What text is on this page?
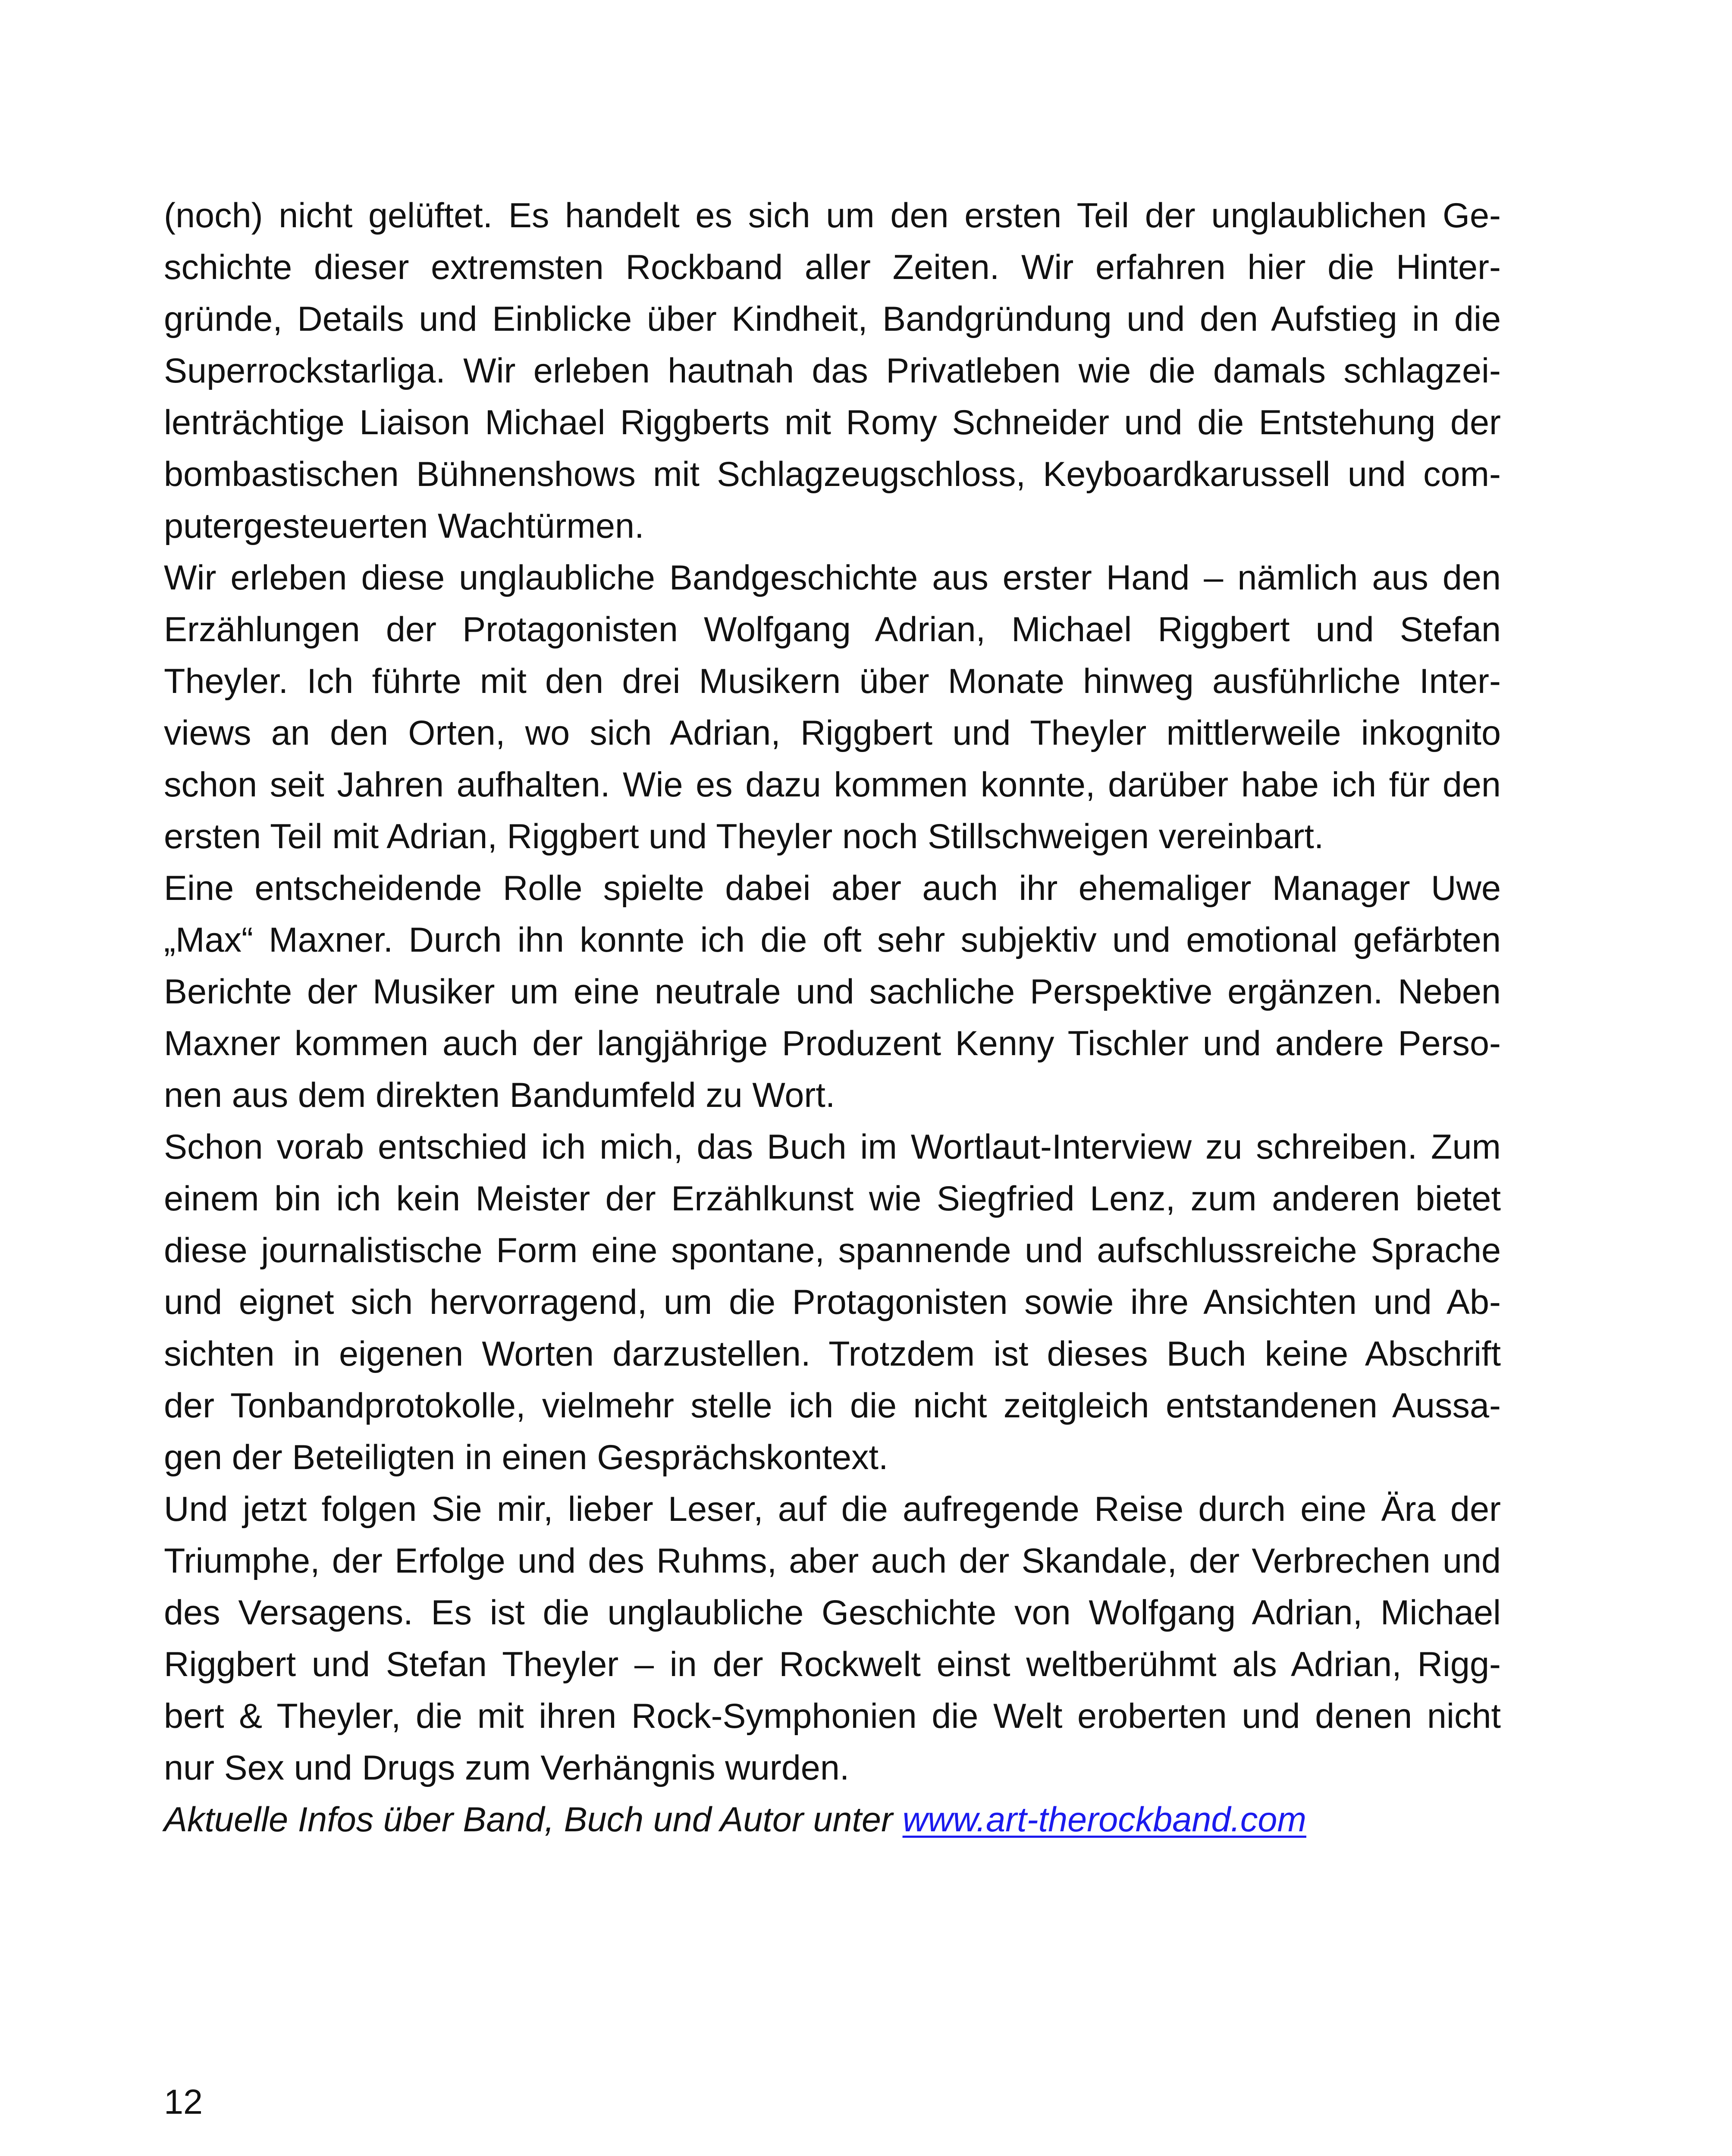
(noch) nicht gelüftet. Es handelt es sich um den ersten Teil der unglaublichen Ge-
schichte dieser extremsten Rockband aller Zeiten. Wir erfahren hier die Hinter-
gründe, Details und Einblicke über Kindheit, Bandgründung und den Aufstieg in die
Superrockstarliga. Wir erleben hautnah das Privatleben wie die damals schlagzei-
lenträchtige Liaison Michael Riggberts mit Romy Schneider und die Entstehung der
bombastischen Bühnenshows mit Schlagzeugschloss, Keyboardkarussell und com-
putergesteuerten Wachtürmen.
Wir erleben diese unglaubliche Bandgeschichte aus erster Hand – nämlich aus den
Erzählungen der Protagonisten Wolfgang Adrian, Michael Riggbert und Stefan
Theyler. Ich führte mit den drei Musikern über Monate hinweg ausführliche Inter-
views an den Orten, wo sich Adrian, Riggbert und Theyler mittlerweile inkognito
schon seit Jahren aufhalten. Wie es dazu kommen konnte, darüber habe ich für den
ersten Teil mit Adrian, Riggbert und Theyler noch Stillschweigen vereinbart.
Eine entscheidende Rolle spielte dabei aber auch ihr ehemaliger Manager Uwe
„Max“ Maxner. Durch ihn konnte ich die oft sehr subjektiv und emotional gefärbten
Berichte der Musiker um eine neutrale und sachliche Perspektive ergänzen. Neben
Maxner kommen auch der langjährige Produzent Kenny Tischler und andere Perso-
nen aus dem direkten Bandumfeld zu Wort.
Schon vorab entschied ich mich, das Buch im Wortlaut-Interview zu schreiben. Zum
einem bin ich kein Meister der Erzählkunst wie Siegfried Lenz, zum anderen bietet
diese journalistische Form eine spontane, spannende und aufschlussreiche Sprache
und eignet sich hervorragend, um die Protagonisten sowie ihre Ansichten und Ab-
sichten in eigenen Worten darzustellen. Trotzdem ist dieses Buch keine Abschrift
der Tonbandprotokolle, vielmehr stelle ich die nicht zeitgleich entstandenen Aussa-
gen der Beteiligten in einen Gesprächskontext.
Und jetzt folgen Sie mir, lieber Leser, auf die aufregende Reise durch eine Ära der
Triumphe, der Erfolge und des Ruhms, aber auch der Skandale, der Verbrechen und
des Versagens. Es ist die unglaubliche Geschichte von Wolfgang Adrian, Michael
Riggbert und Stefan Theyler – in der Rockwelt einst weltberühmt als Adrian, Rigg-
bert & Theyler, die mit ihren Rock-Symphonien die Welt eroberten und denen nicht
nur Sex und Drugs zum Verhängnis wurden.
Aktuelle Infos über Band, Buch und Autor unter www.art-therockband.com
12
